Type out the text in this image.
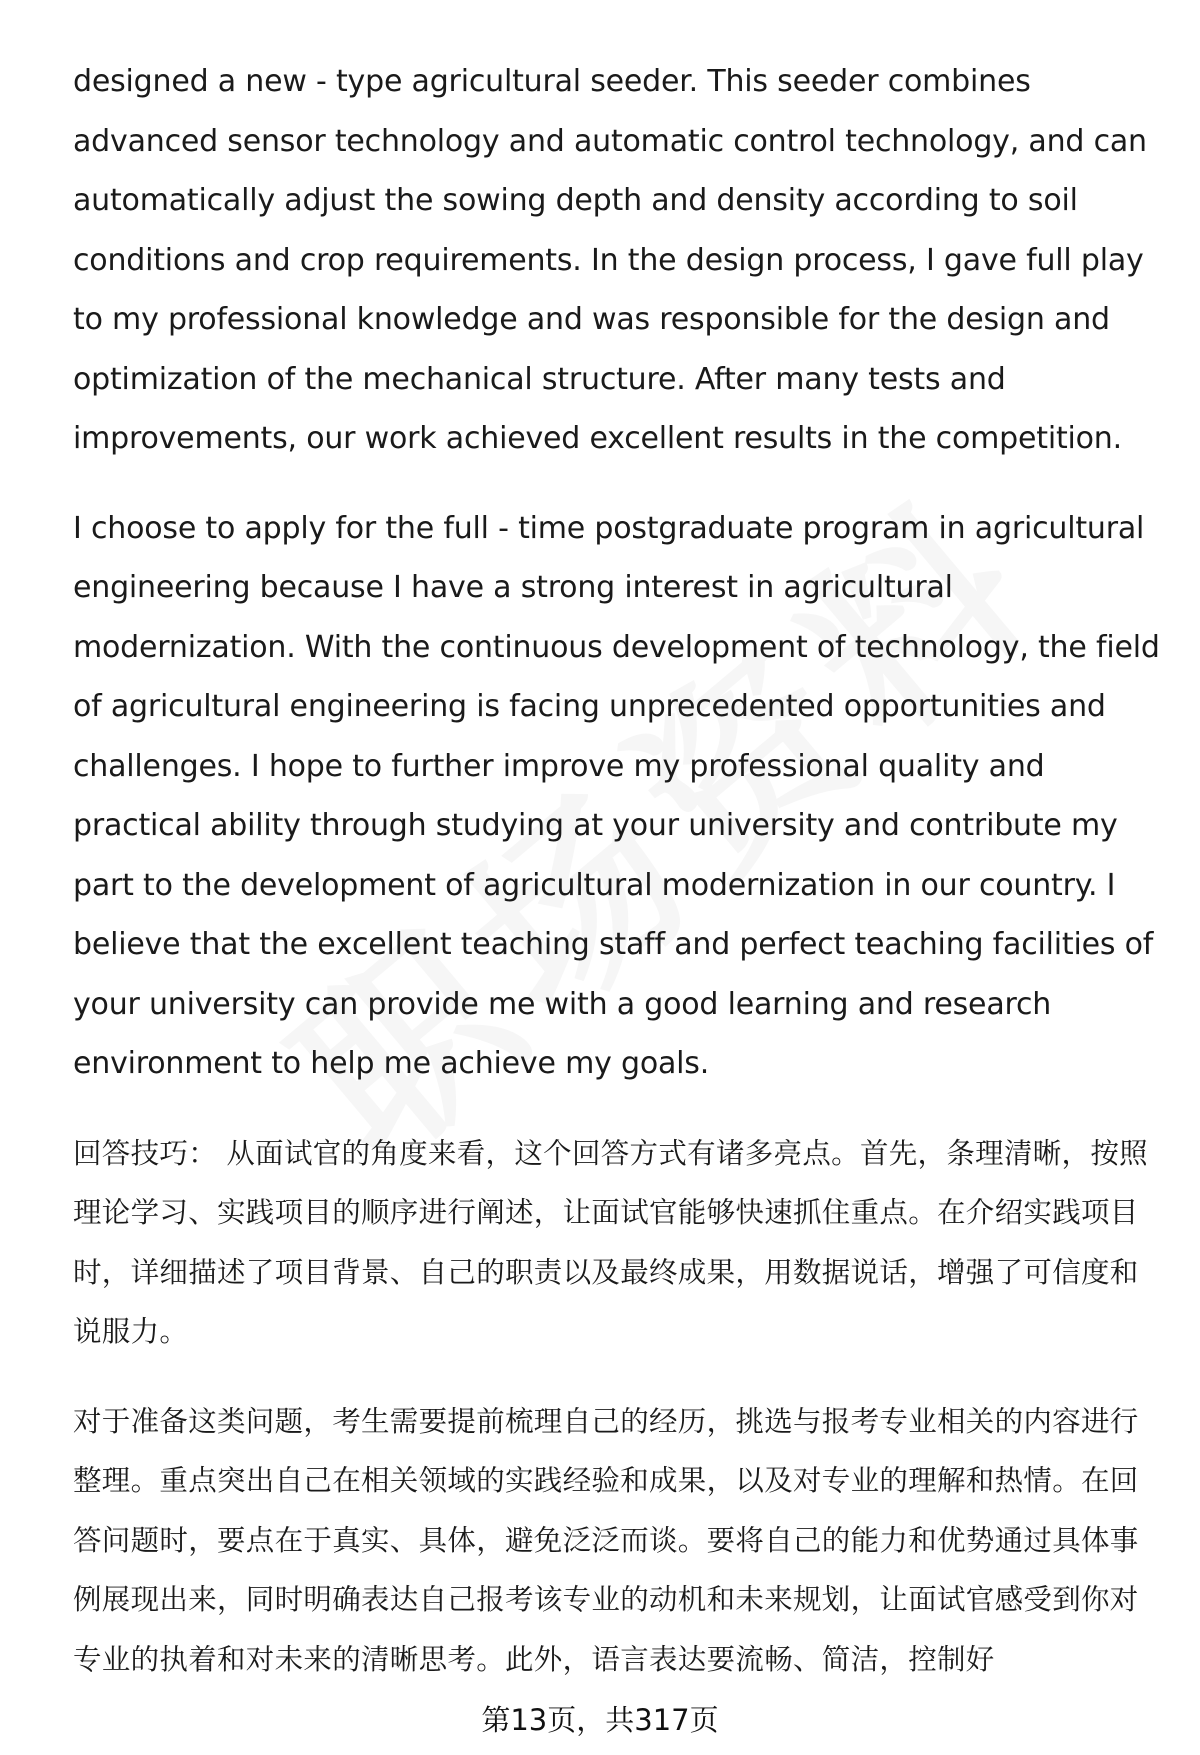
designed a new - type agricultural seeder. This seeder combines advanced sensor technology and automatic control technology, and can automatically adjust the sowing depth and density according to soil conditions and crop requirements. In the design process, I gave full play to my professional knowledge and was responsible for the design and optimization of the mechanical structure. After many tests and improvements, our work achieved excellent results in the competition.

I choose to apply for the full - time postgraduate program in agricultural engineering because I have a strong interest in agricultural modernization. With the continuous development of technology, the field of agricultural engineering is facing unprecedented opportunities and challenges. I hope to further improve my professional quality and practical ability through studying at your university and contribute my part to the development of agricultural modernization in our country. I believe that the excellent teaching staff and perfect teaching facilities of your university can provide me with a good learning and research environment to help me achieve my goals.

回答技巧： 从面试官的角度来看，这个回答方式有诸多亮点。首先，条理清晰，按照理论学习、实践项目的顺序进行阐述，让面试官能够快速抓住重点。在介绍实践项目时，详细描述了项目背景、自己的职责以及最终成果，用数据说话，增强了可信度和说服力。

对于准备这类问题，考生需要提前梳理自己的经历，挑选与报考专业相关的内容进行整理。重点突出自己在相关领域的实践经验和成果，以及对专业的理解和热情。在回答问题时，要点在于真实、具体，避免泛泛而谈。要将自己的能力和优势通过具体事例展现出来，同时明确表达自己报考该专业的动机和未来规划，让面试官感受到你对专业的执着和对未来的清晰思考。此外，语言表达要流畅、简洁，控制好

第13页，共317页
